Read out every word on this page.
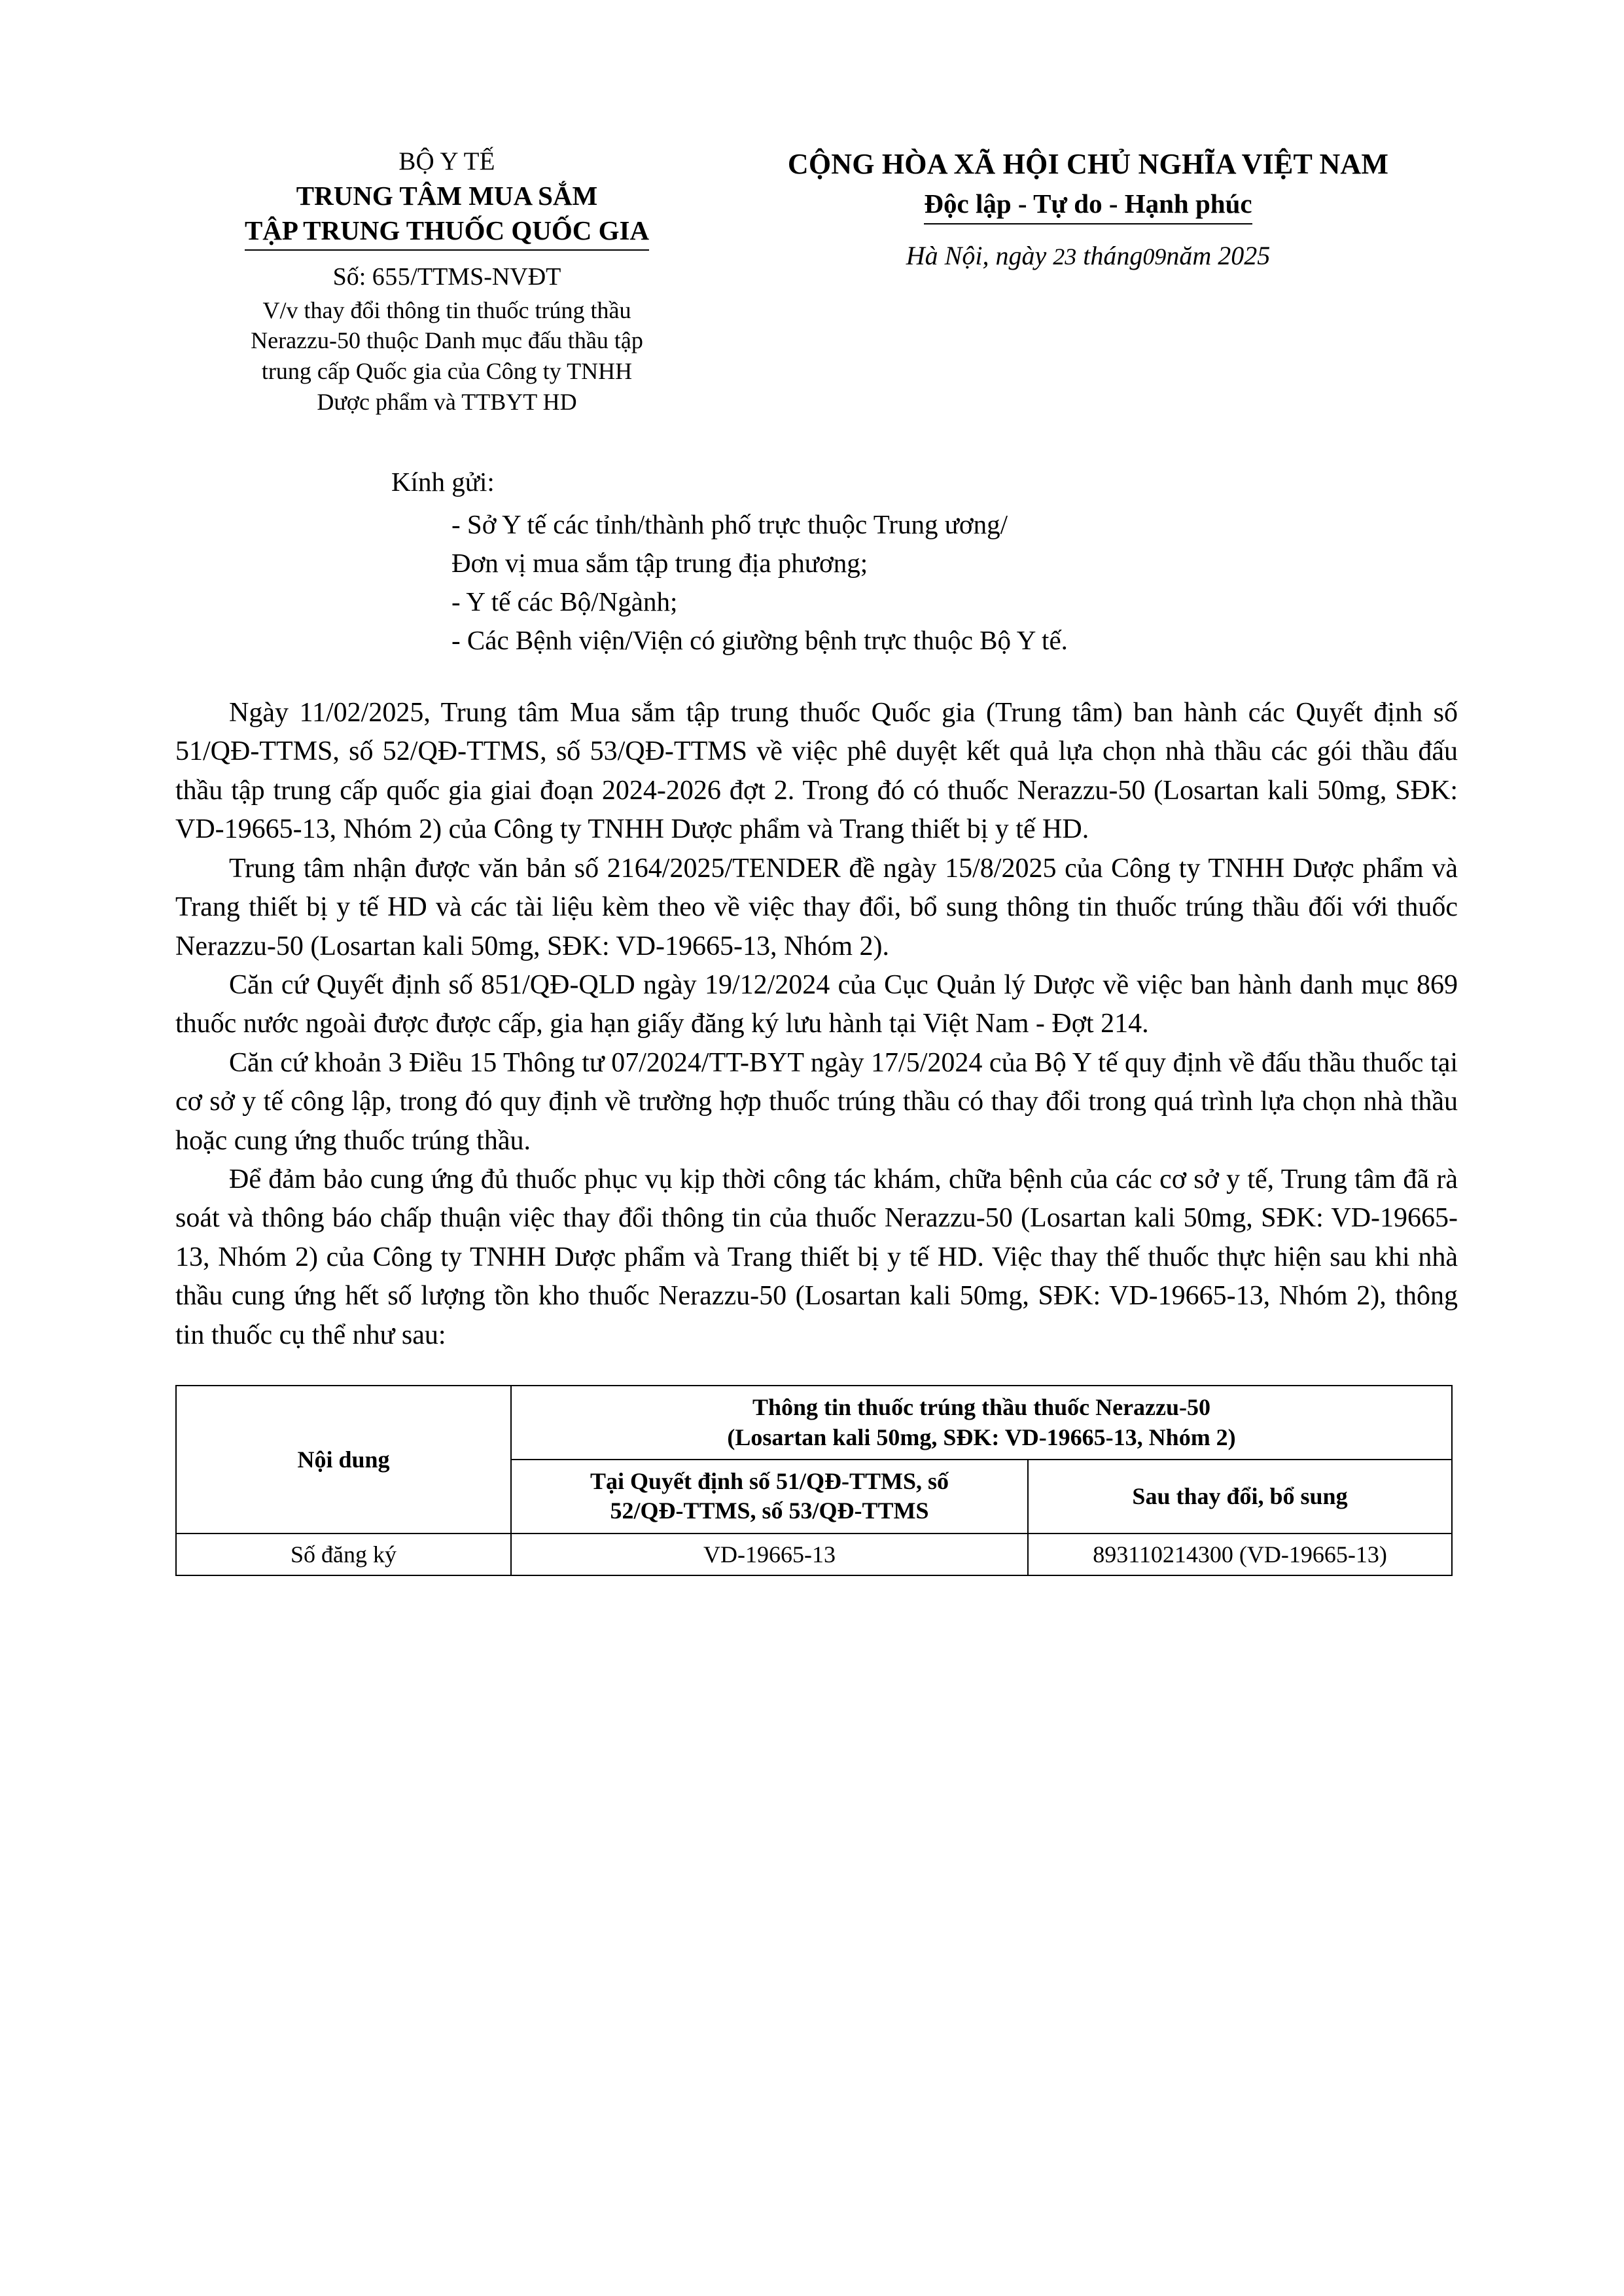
BỘ Y TẾ
TRUNG TÂM MUA SẮM
TẬP TRUNG THUỐC QUỐC GIA
Số: 655/TTMS-NVĐT
V/v thay đổi thông tin thuốc trúng thầu
Nerazzu-50 thuộc Danh mục đấu thầu tập
trung cấp Quốc gia của Công ty TNHH
Dược phẩm và TTBYT HD
CỘNG HÒA XÃ HỘI CHỦ NGHĨA VIỆT NAM
Độc lập - Tự do - Hạnh phúc
Hà Nội, ngày 23 tháng09năm 2025
Kính gửi:
- Sở Y tế các tỉnh/thành phố trực thuộc Trung ương/
Đơn vị mua sắm tập trung địa phương;
- Y tế các Bộ/Ngành;
- Các Bệnh viện/Viện có giường bệnh trực thuộc Bộ Y tế.

Ngày 11/02/2025, Trung tâm Mua sắm tập trung thuốc Quốc gia (Trung tâm) ban hành các Quyết định số 51/QĐ-TTMS, số 52/QĐ-TTMS, số 53/QĐ-TTMS về việc phê duyệt kết quả lựa chọn nhà thầu các gói thầu đấu thầu tập trung cấp quốc gia giai đoạn 2024-2026 đợt 2. Trong đó có thuốc Nerazzu-50 (Losartan kali 50mg, SĐK: VD-19665-13, Nhóm 2) của Công ty TNHH Dược phẩm và Trang thiết bị y tế HD.

Trung tâm nhận được văn bản số 2164/2025/TENDER đề ngày 15/8/2025 của Công ty TNHH Dược phẩm và Trang thiết bị y tế HD và các tài liệu kèm theo về việc thay đổi, bổ sung thông tin thuốc trúng thầu đối với thuốc Nerazzu-50 (Losartan kali 50mg, SĐK: VD-19665-13, Nhóm 2).

Căn cứ Quyết định số 851/QĐ-QLD ngày 19/12/2024 của Cục Quản lý Dược về việc ban hành danh mục 869 thuốc nước ngoài được được cấp, gia hạn giấy đăng ký lưu hành tại Việt Nam - Đợt 214.

Căn cứ khoản 3 Điều 15 Thông tư 07/2024/TT-BYT ngày 17/5/2024 của Bộ Y tế quy định về đấu thầu thuốc tại cơ sở y tế công lập, trong đó quy định về trường hợp thuốc trúng thầu có thay đổi trong quá trình lựa chọn nhà thầu hoặc cung ứng thuốc trúng thầu.

Để đảm bảo cung ứng đủ thuốc phục vụ kịp thời công tác khám, chữa bệnh của các cơ sở y tế, Trung tâm đã rà soát và thông báo chấp thuận việc thay đổi thông tin của thuốc Nerazzu-50 (Losartan kali 50mg, SĐK: VD-19665-13, Nhóm 2) của Công ty TNHH Dược phẩm và Trang thiết bị y tế HD. Việc thay thế thuốc thực hiện sau khi nhà thầu cung ứng hết số lượng tồn kho thuốc Nerazzu-50 (Losartan kali 50mg, SĐK: VD-19665-13, Nhóm 2), thông tin thuốc cụ thể như sau:

Nội dung	Thông tin thuốc trúng thầu thuốc Nerazzu-50
(Losartan kali 50mg, SĐK: VD-19665-13, Nhóm 2)	

	Tại Quyết định số 51/QĐ-TTMS, số
52/QĐ-TTMS, số 53/QĐ-TTMS	Sau thay đổi, bổ sung
Số đăng ký	VD-19665-13	893110214300 (VD-19665-13)
